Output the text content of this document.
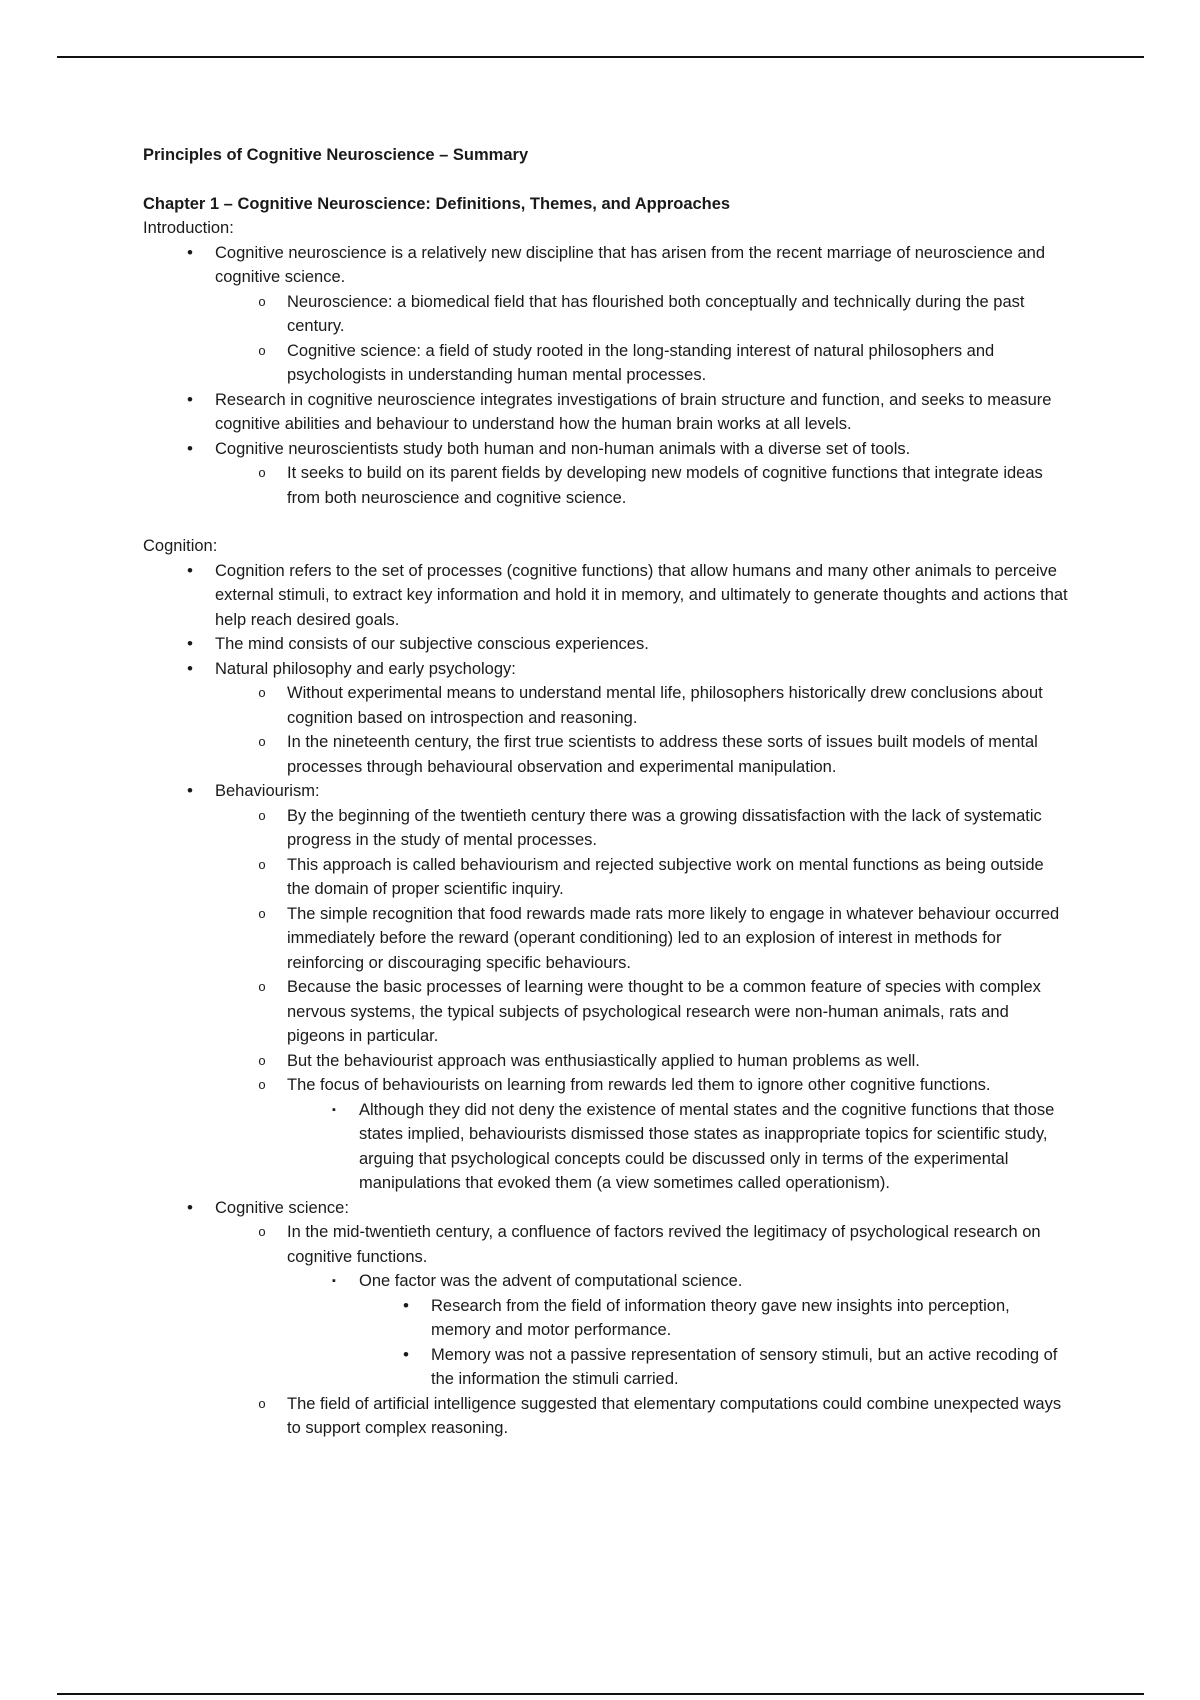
Principles of Cognitive Neuroscience – Summary

Chapter 1 – Cognitive Neuroscience: Definitions, Themes, and Approaches

Introduction:

• Cognitive neuroscience is a relatively new discipline that has arisen from the recent marriage of neuroscience and cognitive science.
o Neuroscience: a biomedical field that has flourished both conceptually and technically during the past century.
o Cognitive science: a field of study rooted in the long-standing interest of natural philosophers and psychologists in understanding human mental processes.
• Research in cognitive neuroscience integrates investigations of brain structure and function, and seeks to measure cognitive abilities and behaviour to understand how the human brain works at all levels.
• Cognitive neuroscientists study both human and non-human animals with a diverse set of tools.
o It seeks to build on its parent fields by developing new models of cognitive functions that integrate ideas from both neuroscience and cognitive science.

Cognition:

• Cognition refers to the set of processes (cognitive functions) that allow humans and many other animals to perceive external stimuli, to extract key information and hold it in memory, and ultimately to generate thoughts and actions that help reach desired goals.
• The mind consists of our subjective conscious experiences.
• Natural philosophy and early psychology:
o Without experimental means to understand mental life, philosophers historically drew conclusions about cognition based on introspection and reasoning.
o In the nineteenth century, the first true scientists to address these sorts of issues built models of mental processes through behavioural observation and experimental manipulation.
• Behaviourism:
o By the beginning of the twentieth century there was a growing dissatisfaction with the lack of systematic progress in the study of mental processes.
o This approach is called behaviourism and rejected subjective work on mental functions as being outside the domain of proper scientific inquiry.
o The simple recognition that food rewards made rats more likely to engage in whatever behaviour occurred immediately before the reward (operant conditioning) led to an explosion of interest in methods for reinforcing or discouraging specific behaviours.
o Because the basic processes of learning were thought to be a common feature of species with complex nervous systems, the typical subjects of psychological research were non-human animals, rats and pigeons in particular.
o But the behaviourist approach was enthusiastically applied to human problems as well.
o The focus of behaviourists on learning from rewards led them to ignore other cognitive functions.
▪	Although they did not deny the existence of mental states and the cognitive functions that those states implied, behaviourists dismissed those states as inappropriate topics for scientific study, arguing that psychological concepts could be discussed only in terms of the experimental manipulations that evoked them (a view sometimes called operationism).
• Cognitive science:
o In the mid-twentieth century, a confluence of factors revived the legitimacy of psychological research on cognitive functions.
▪	One factor was the advent of computational science.
• Research from the field of information theory gave new insights into perception, memory and motor performance.
• Memory was not a passive representation of sensory stimuli, but an active recoding of the information the stimuli carried.
o The field of artificial intelligence suggested that elementary computations could combine unexpected ways to support complex reasoning.
